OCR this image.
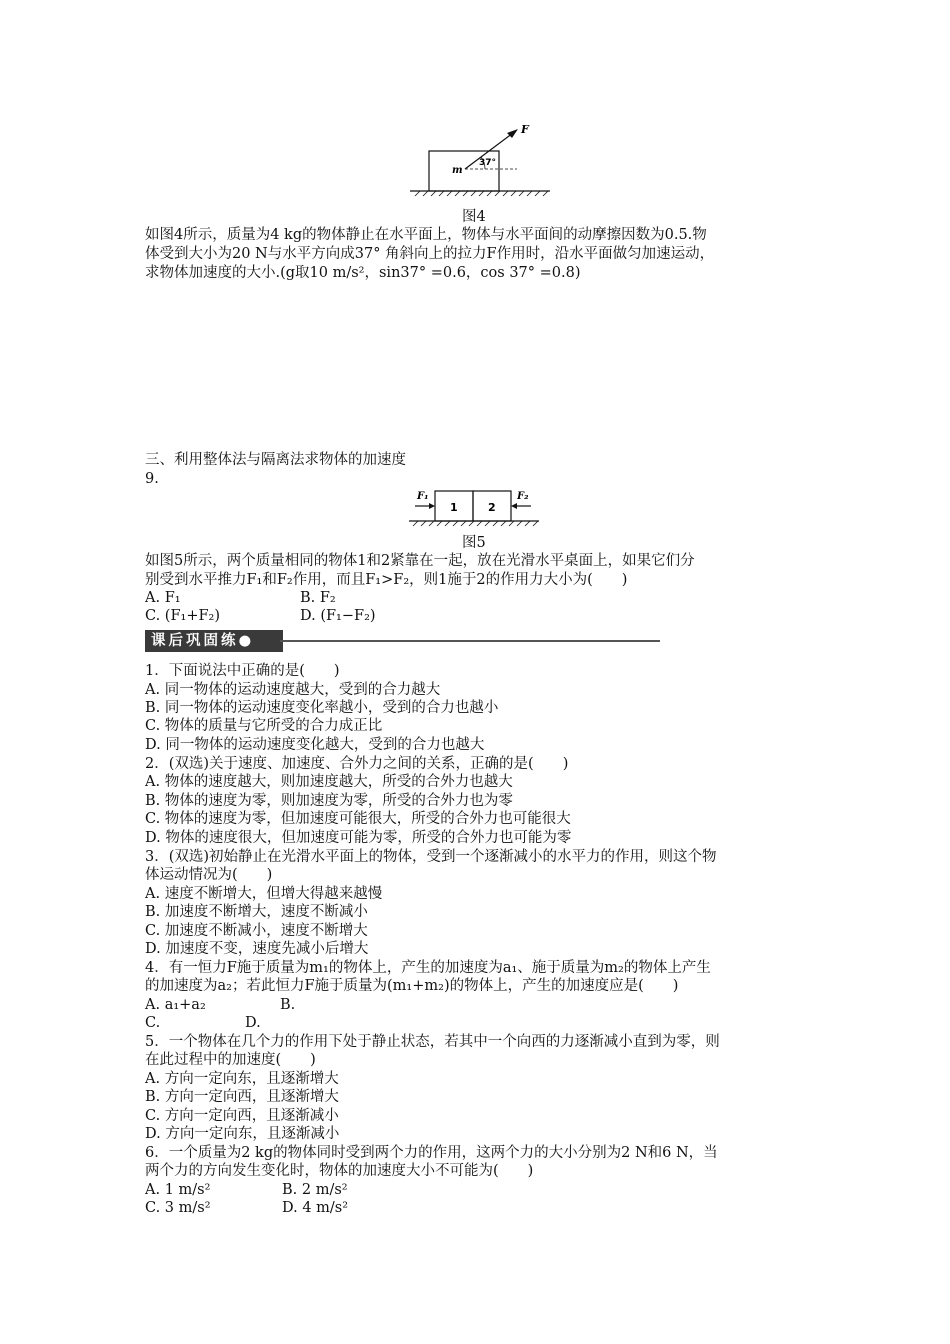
F
m
37°
图4
如图4所示，质量为4 kg的物体静止在水平面上，物体与水平面间的动摩擦因数为0.5.物
体受到大小为20 N与水平方向成37° 角斜向上的拉力F作用时，沿水平面做匀加速运动，
求物体加速度的大小.(g取10 m/s²，sin37° =0.6，cos 37° =0.8)
三、利用整体法与隔离法求物体的加速度
9.
F₁	F₂
1	2
图5
如图5所示，两个质量相同的物体1和2紧靠在一起，放在光滑水平桌面上，如果它们分
别受到水平推力F₁和F₂作用，而且F₁>F₂，则1施于2的作用力大小为(　　)
A. F₁	B. F₂
C. (F₁+F₂)	D. (F₁−F₂)
课后巩固练●
1．下面说法中正确的是(　　)
A. 同一物体的运动速度越大，受到的合力越大
B. 同一物体的运动速度变化率越小，受到的合力也越小
C. 物体的质量与它所受的合力成正比
D. 同一物体的运动速度变化越大，受到的合力也越大
2．(双选)关于速度、加速度、合外力之间的关系，正确的是(　　)
A. 物体的速度越大，则加速度越大，所受的合外力也越大
B. 物体的速度为零，则加速度为零，所受的合外力也为零
C. 物体的速度为零，但加速度可能很大，所受的合外力也可能很大
D. 物体的速度很大，但加速度可能为零，所受的合外力也可能为零
3．(双选)初始静止在光滑水平面上的物体，受到一个逐渐减小的水平力的作用，则这个物
体运动情况为(　　)
A. 速度不断增大，但增大得越来越慢
B. 加速度不断增大，速度不断减小
C. 加速度不断减小，速度不断增大
D. 加速度不变，速度先减小后增大
4．有一恒力F施于质量为m₁的物体上，产生的加速度为a₁、施于质量为m₂的物体上产生
的加速度为a₂；若此恒力F施于质量为(m₁+m₂)的物体上，产生的加速度应是(　　)
A. a₁+a₂	B.
C.	D.
5．一个物体在几个力的作用下处于静止状态，若其中一个向西的力逐渐减小直到为零，则
在此过程中的加速度(　　)
A. 方向一定向东，且逐渐增大
B. 方向一定向西，且逐渐增大
C. 方向一定向西，且逐渐减小
D. 方向一定向东，且逐渐减小
6．一个质量为2 kg的物体同时受到两个力的作用，这两个力的大小分别为2 N和6 N，当
两个力的方向发生变化时，物体的加速度大小不可能为(　　)
A. 1 m/s²	B. 2 m/s²
C. 3 m/s²	D. 4 m/s²
